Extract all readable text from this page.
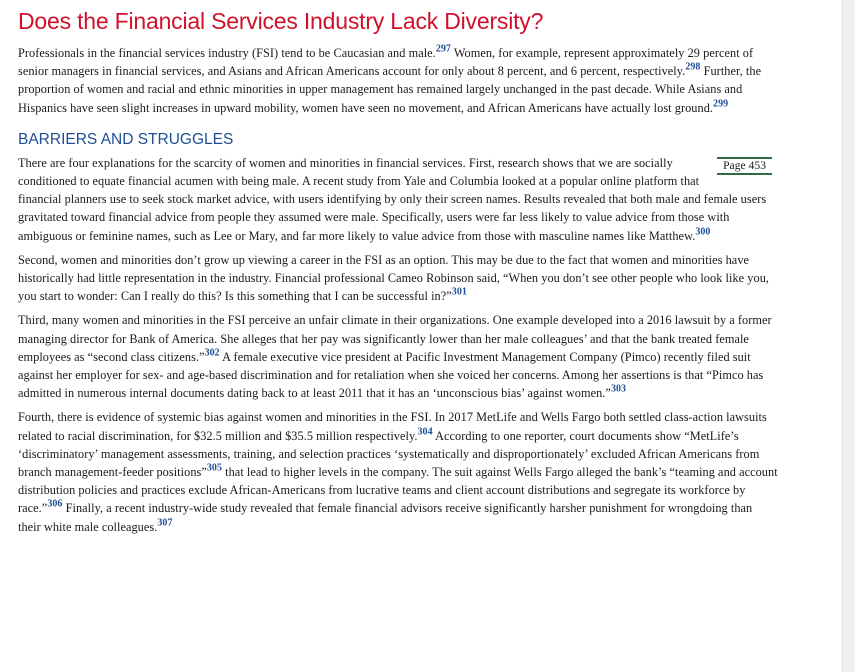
Does the Financial Services Industry Lack Diversity?

Professionals in the financial services industry (FSI) tend to be Caucasian and male.$^{297}$ Women, for example, represent approximately 29 percent of senior managers in financial services, and Asians and African Americans account for only about 8 percent, and 6 percent, respectively.$^{298}$ Further, the proportion of women and racial and ethnic minorities in upper management has remained largely unchanged in the past decade. While Asians and Hispanics have seen slight increases in upward mobility, women have seen no movement, and African Americans have actually lost ground.$^{299}$

BARRIERS AND STRUGGLES

Page 453
There are four explanations for the scarcity of women and minorities in financial services. First, research shows that we are socially conditioned to equate financial acumen with being male. A recent study from Yale and Columbia looked at a popular online platform that financial planners use to seek stock market advice, with users identifying by only their screen names. Results revealed that both male and female users gravitated toward financial advice from people they assumed were male. Specifically, users were far less likely to value advice from those with ambiguous or feminine names, such as Lee or Mary, and far more likely to value advice from those with masculine names like Matthew.$^{300}$

Second, women and minorities don’t grow up viewing a career in the FSI as an option. This may be due to the fact that women and minorities have historically had little representation in the industry. Financial professional Cameo Robinson said, “When you don’t see other people who look like you, you start to wonder: Can I really do this? Is this something that I can be successful in?”$^{301}$

Third, many women and minorities in the FSI perceive an unfair climate in their organizations. One example developed into a 2016 lawsuit by a former managing director for Bank of America. She alleges that her pay was significantly lower than her male colleagues’ and that the bank treated female employees as “second class citizens.”$^{302}$ A female executive vice president at Pacific Investment Management Company (Pimco) recently filed suit against her employer for sex- and age-based discrimination and for retaliation when she voiced her concerns. Among her assertions is that “Pimco has admitted in numerous internal documents dating back to at least 2011 that it has an ‘unconscious bias’ against women.”$^{303}$

Fourth, there is evidence of systemic bias against women and minorities in the FSI. In 2017 MetLife and Wells Fargo both settled class-action lawsuits related to racial discrimination, for $32.5 million and $35.5 million respectively.$^{304}$ According to one reporter, court documents show “MetLife’s ‘discriminatory’ management assessments, training, and selection practices ‘systematically and disproportionately’ excluded African Americans from branch management-feeder positions”$^{305}$ that lead to higher levels in the company. The suit against Wells Fargo alleged the bank’s “teaming and account distribution policies and practices exclude African-Americans from lucrative teams and client account distributions and segregate its workforce by race.”$^{306}$ Finally, a recent industry-wide study revealed that female financial advisors receive significantly harsher punishment for wrongdoing than their white male colleagues.$^{307}$
